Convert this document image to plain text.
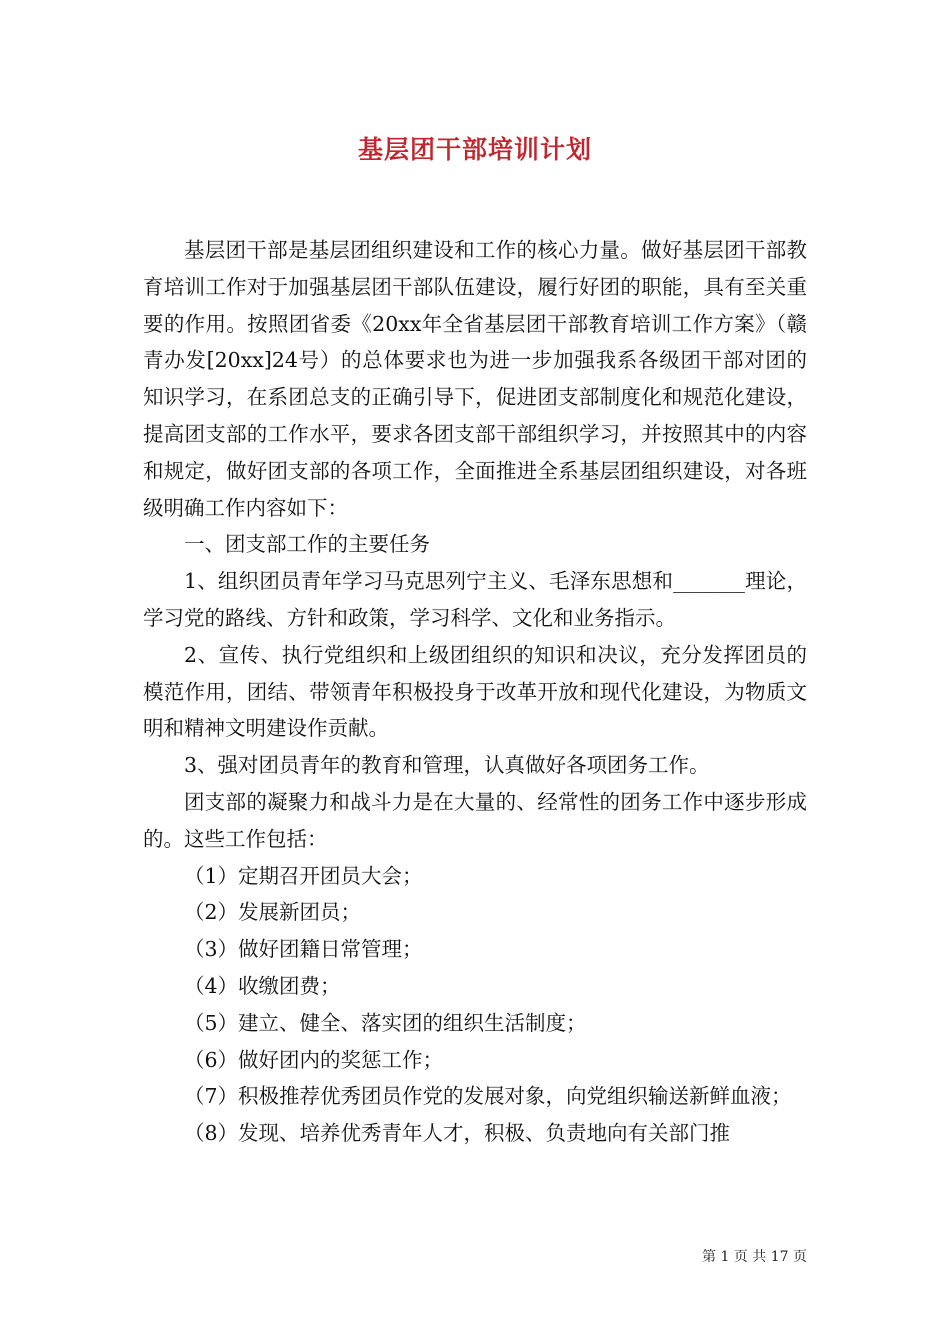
基层团干部培训计划

基层团干部是基层团组织建设和工作的核心力量。做好基层团干部教育培训工作对于加强基层团干部队伍建设，履行好团的职能，具有至关重要的作用。按照团省委《20xx年全省基层团干部教育培训工作方案》（赣青办发[20xx]24号）的总体要求也为进一步加强我系各级团干部对团的知识学习，在系团总支的正确引导下，促进团支部制度化和规范化建设，提高团支部的工作水平，要求各团支部干部组织学习，并按照其中的内容和规定，做好团支部的各项工作，全面推进全系基层团组织建设，对各班级明确工作内容如下：

一、团支部工作的主要任务

1、组织团员青年学习马克思列宁主义、毛泽东思想和_______理论，学习党的路线、方针和政策，学习科学、文化和业务指示。

2、宣传、执行党组织和上级团组织的知识和决议，充分发挥团员的模范作用，团结、带领青年积极投身于改革开放和现代化建设，为物质文明和精神文明建设作贡献。

3、强对团员青年的教育和管理，认真做好各项团务工作。

团支部的凝聚力和战斗力是在大量的、经常性的团务工作中逐步形成的。这些工作包括：

（1）定期召开团员大会；

（2）发展新团员；

（3）做好团籍日常管理；

（4）收缴团费；

（5）建立、健全、落实团的组织生活制度；

（6）做好团内的奖惩工作；

（7）积极推荐优秀团员作党的发展对象，向党组织输送新鲜血液；

（8）发现、培养优秀青年人才，积极、负责地向有关部门推

第 1 页 共 17 页
